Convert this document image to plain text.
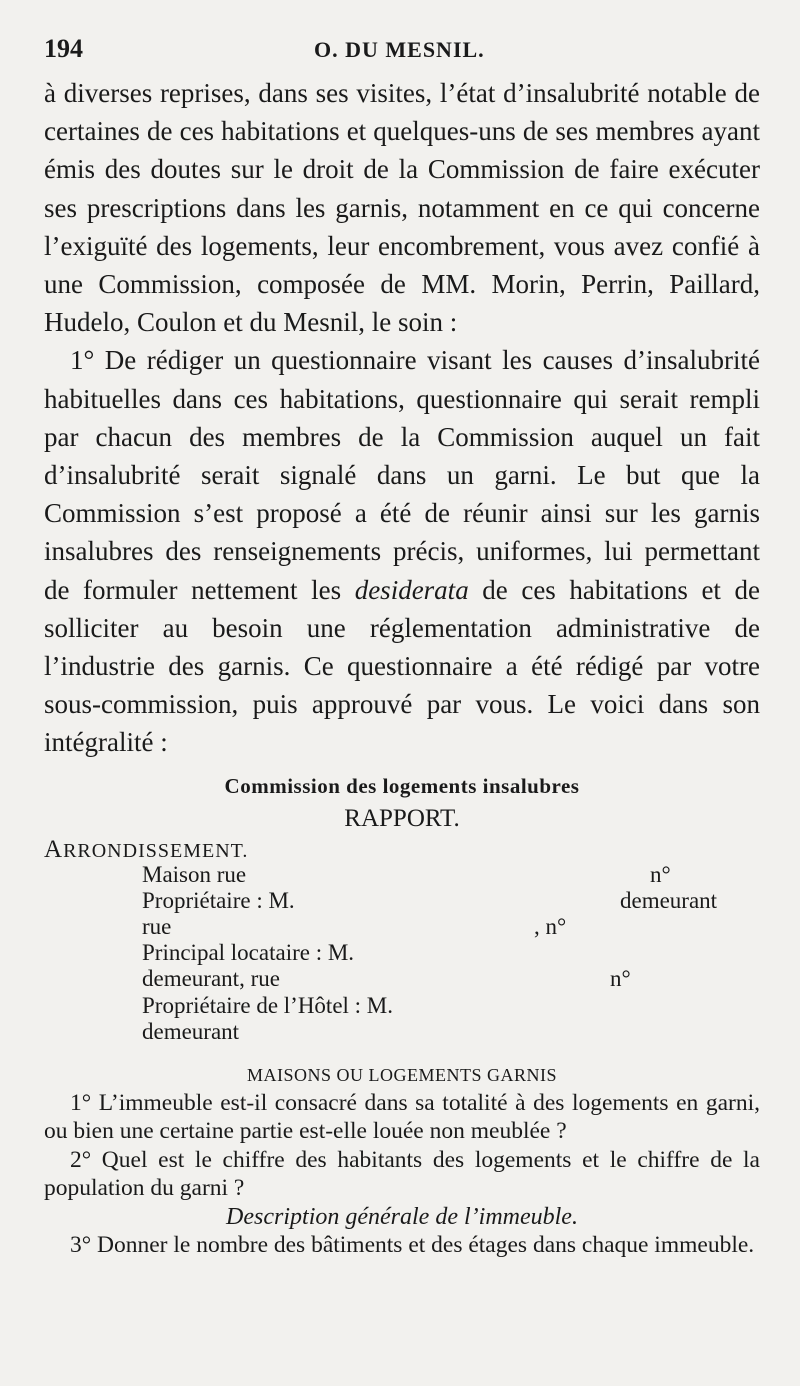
194	O. DU MESNIL.

à diverses reprises, dans ses visites, l’état d’insalubrité notable de certaines de ces habitations et quelques-uns de ses membres ayant émis des doutes sur le droit de la Commission de faire exécuter ses prescriptions dans les garnis, notamment en ce qui concerne l’exiguïté des logements, leur encombrement, vous avez confié à une Commission, composée de MM. Morin, Perrin, Paillard, Hudelo, Coulon et du Mesnil, le soin :

1° De rédiger un questionnaire visant les causes d’insalubrité habituelles dans ces habitations, questionnaire qui serait rempli par chacun des membres de la Commission auquel un fait d’insalubrité serait signalé dans un garni. Le but que la Commission s’est proposé a été de réunir ainsi sur les garnis insalubres des renseignements précis, uniformes, lui permettant de formuler nettement les desiderata de ces habitations et de solliciter au besoin une réglementation administrative de l’industrie des garnis. Ce questionnaire a été rédigé par votre sous-commission, puis approuvé par vous. Le voici dans son intégralité :

Commission des logements insalubres
RAPPORT.
ARRONDISSEMENT.
Maison rue	n°
Propriétaire : M.	demeurant
rue	, n°
Principal locataire : M.
demeurant, rue	n°
Propriétaire de l’Hôtel : M.
demeurant
MAISONS OU LOGEMENTS GARNIS

1° L’immeuble est-il consacré dans sa totalité à des logements en garni, ou bien une certaine partie est-elle louée non meublée ?

2° Quel est le chiffre des habitants des logements et le chiffre de la population du garni ?

Description générale de l’immeuble.

3° Donner le nombre des bâtiments et des étages dans chaque immeuble.
